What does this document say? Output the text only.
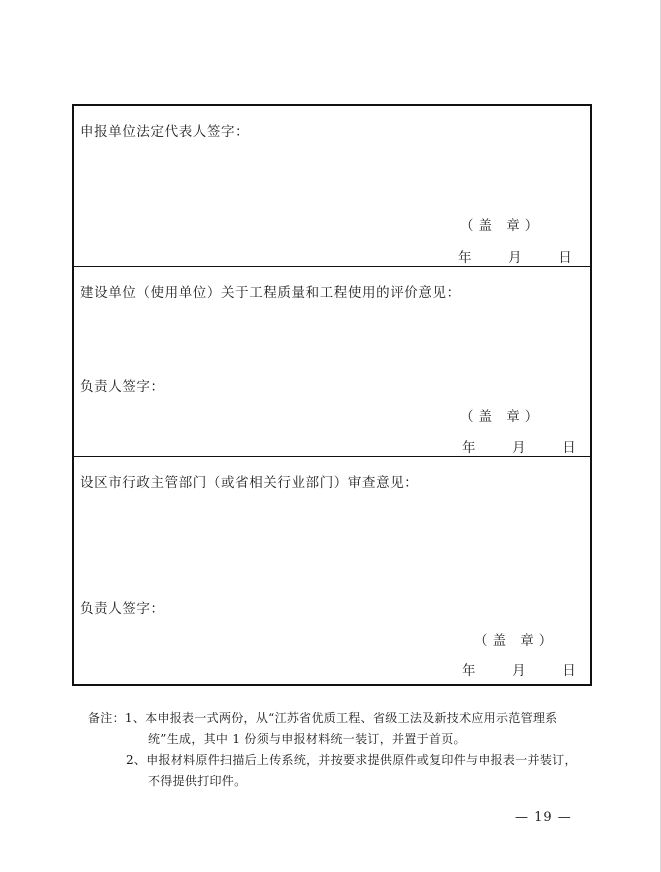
申报单位法定代表人签字：
（盖 章）
年	月	日
建设单位（使用单位）关于工程质量和工程使用的评价意见：
负责人签字：
（盖 章）
年	月	日
设区市行政主管部门（或省相关行业部门）审查意见：
负责人签字：
（盖 章）
年	月	日
备注：1、本申报表一式两份，从“江苏省优质工程、省级工法及新技术应用示范管理系
统”生成，其中 1 份须与申报材料统一装订，并置于首页。
2、申报材料原件扫描后上传系统，并按要求提供原件或复印件与申报表一并装订，
不得提供打印件。
— 19 —
